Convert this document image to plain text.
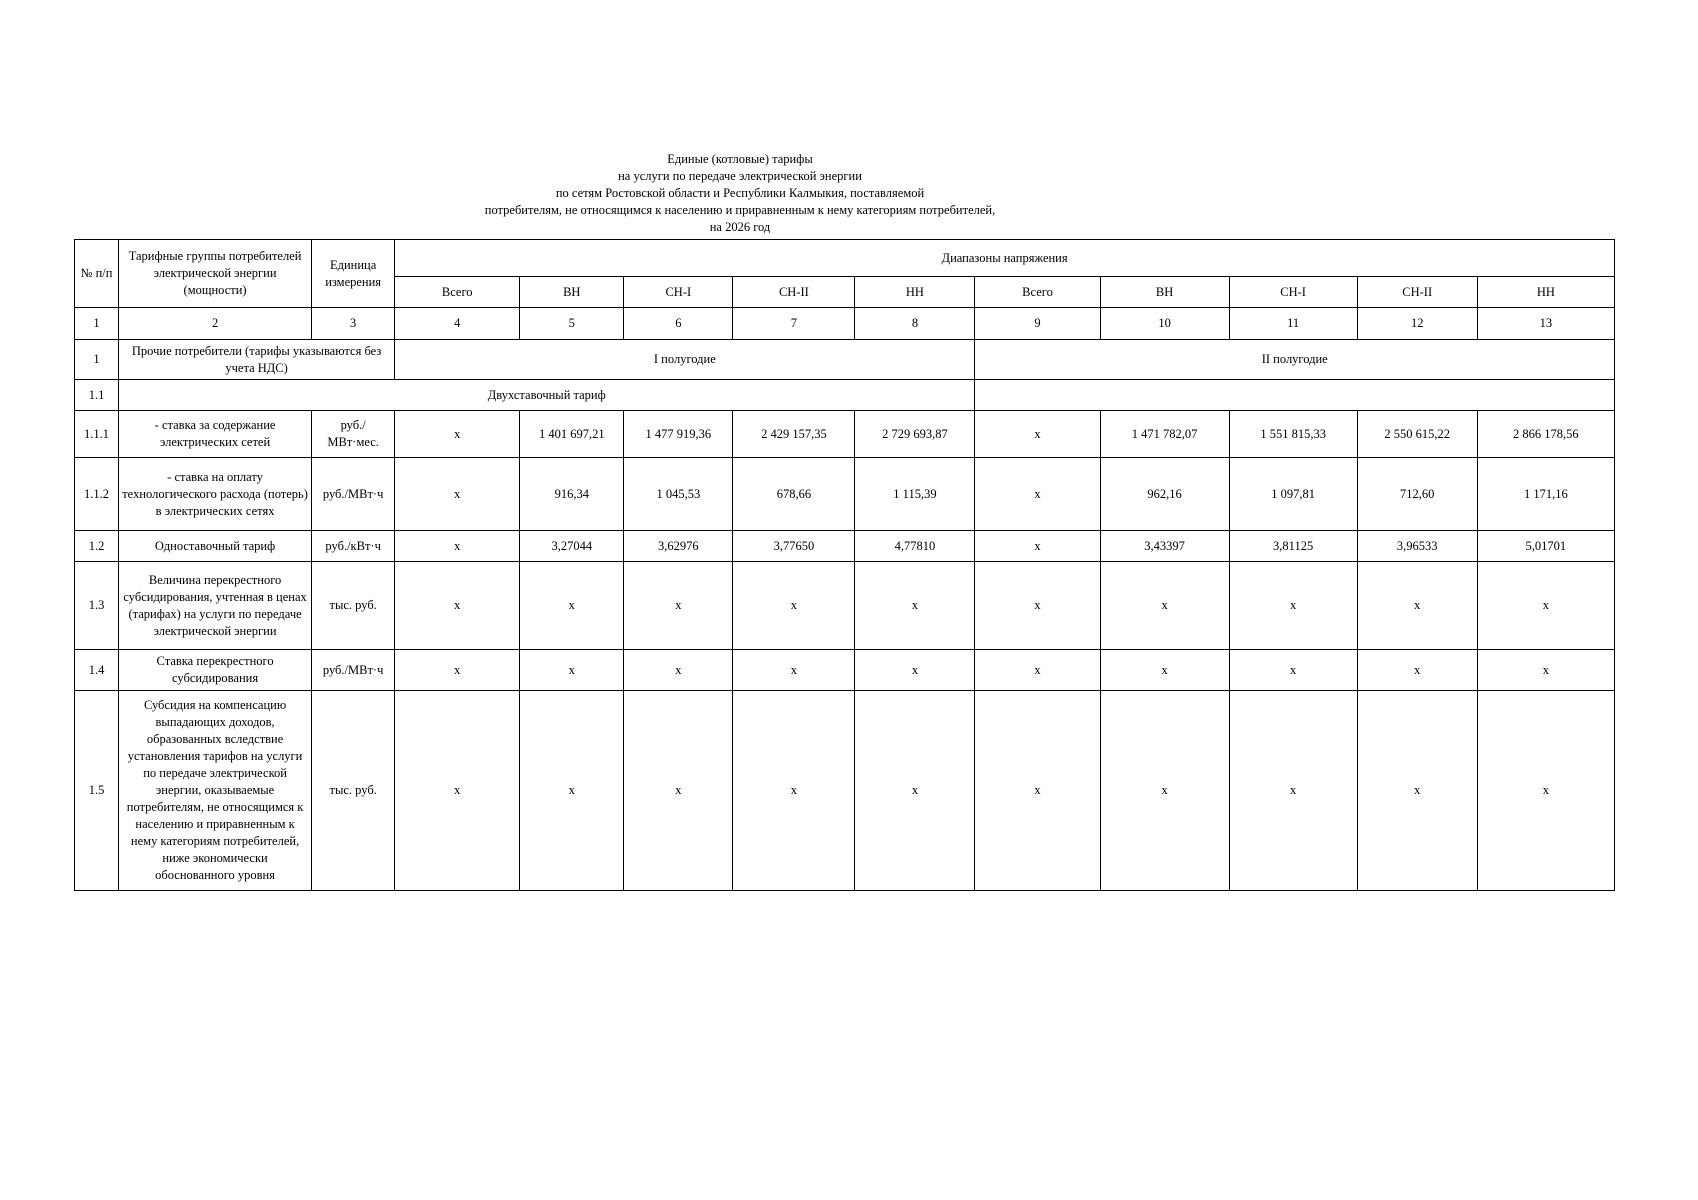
Единые (котловые) тарифы
на услуги по передаче электрической энергии
по сетям Ростовской области и Республики Калмыкия, поставляемой
потребителям, не относящимся к населению и приравненным к нему категориям потребителей,
на 2026 год
№ п/п	Тарифные группы потребителей электрической энергии (мощности)	Единица измерения	Диапазоны напряжения									
			Всего	ВН	СН-I	СН-II	НН	Всего	ВН	СН-I	СН-II	НН
1	2	3	4	5	6	7	8	9	10	11	12	13
1	Прочие потребители (тарифы указываются без учета НДС)		I полугодие					II полугодие				
1.1	Двухставочный тариф											
1.1.1	- ставка за содержание электрических сетей	руб./МВт·мес.	x	1 401 697,21	1 477 919,36	2 429 157,35	2 729 693,87	x	1 471 782,07	1 551 815,33	2 550 615,22	2 866 178,56
1.1.2	- ставка на оплату технологического расхода (потерь) в электрических сетях	руб./МВт·ч	x	916,34	1 045,53	678,66	1 115,39	x	962,16	1 097,81	712,60	1 171,16
1.2	Одноставочный тариф	руб./кВт·ч	x	3,27044	3,62976	3,77650	4,77810	x	3,43397	3,81125	3,96533	5,01701
1.3	Величина перекрестного субсидирования, учтенная в ценах (тарифах) на услуги по передаче электрической энергии	тыс. руб.	x	x	x	x	x	x	x	x	x	x
1.4	Ставка перекрестного субсидирования	руб./МВт·ч	x	x	x	x	x	x	x	x	x	x
1.5	Субсидия на компенсацию выпадающих доходов, образованных вследствие установления тарифов на услуги по передаче электрической энергии, оказываемые потребителям, не относящимся к населению и приравненным к нему категориям потребителей, ниже экономически обоснованного уровня	тыс. руб.	x	x	x	x	x	x	x	x	x	x
